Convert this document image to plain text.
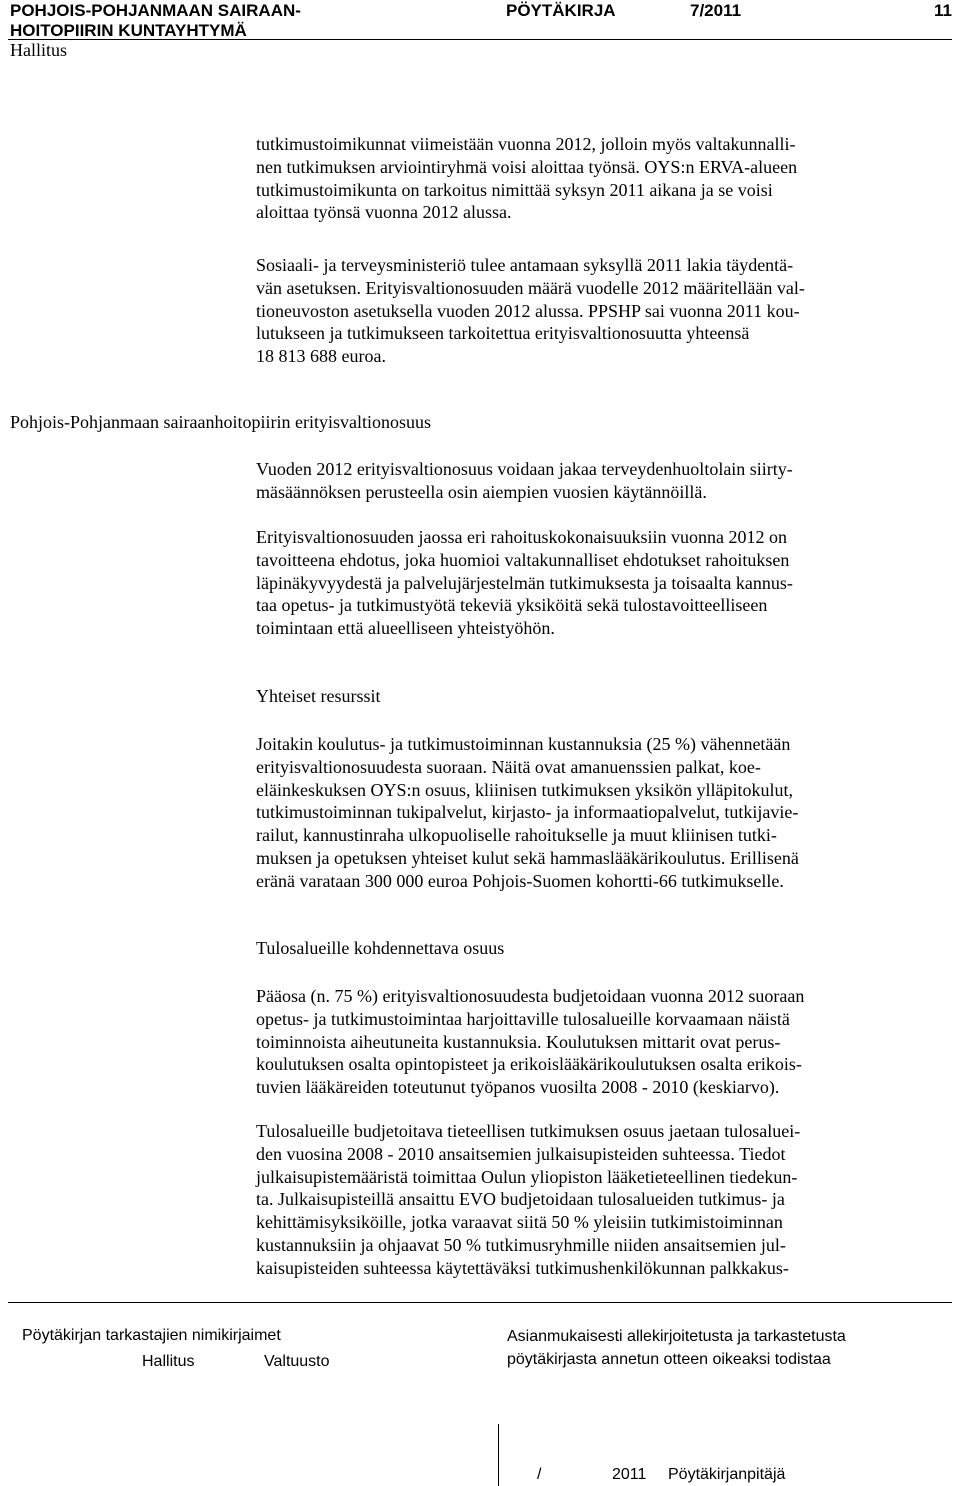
POHJOIS-POHJANMAAN SAIRAAN-
HOITOPIIRIN KUNTAYHTYMÄ
PÖYTÄKIRJA	7/2011	11
Hallitus

tutkimustoimikunnat viimeistään vuonna 2012, jolloin myös valtakunnalli-
nen tutkimuksen arviointiryhmä voisi aloittaa työnsä. OYS:n ERVA-alueen
tutkimustoimikunta on tarkoitus nimittää syksyn 2011 aikana ja se voisi
aloittaa työnsä vuonna 2012 alussa.

Sosiaali- ja terveysministeriö tulee antamaan syksyllä 2011 lakia täydentä-
vän asetuksen. Erityisvaltionosuuden määrä vuodelle 2012 määritellään val-
tioneuvoston asetuksella vuoden 2012 alussa. PPSHP sai vuonna 2011 kou-
lutukseen ja tutkimukseen tarkoitettua erityisvaltionosuutta yhteensä
18 813 688 euroa.

Pohjois-Pohjanmaan sairaanhoitopiirin erityisvaltionosuus

Vuoden 2012 erityisvaltionosuus voidaan jakaa terveydenhuoltolain siirty-
mäsäännöksen perusteella osin aiempien vuosien käytännöillä.

Erityisvaltionosuuden jaossa eri rahoituskokonaisuuksiin vuonna 2012 on
tavoitteena ehdotus, joka huomioi valtakunnalliset ehdotukset rahoituksen
läpinäkyvyydestä ja palvelujärjestelmän tutkimuksesta ja toisaalta kannus-
taa opetus- ja tutkimustyötä tekeviä yksiköitä sekä tulostavoitteelliseen
toimintaan että alueelliseen yhteistyöhön.

Yhteiset resurssit

Joitakin koulutus- ja tutkimustoiminnan kustannuksia (25 %) vähennetään
erityisvaltionosuudesta suoraan. Näitä ovat amanuenssien palkat, koe-
eläinkeskuksen OYS:n osuus, kliinisen tutkimuksen yksikön ylläpitokulut,
tutkimustoiminnan tukipalvelut, kirjasto- ja informaatiopalvelut, tutkijavie-
railut, kannustinraha ulkopuoliselle rahoitukselle ja muut kliinisen tutki-
muksen ja opetuksen yhteiset kulut sekä hammaslääkärikoulutus. Erillisenä
eränä varataan 300 000 euroa Pohjois-Suomen kohortti-66 tutkimukselle.

Tulosalueille kohdennettava osuus

Pääosa (n. 75 %) erityisvaltionosuudesta budjetoidaan vuonna 2012 suoraan
opetus- ja tutkimustoimintaa harjoittaville tulosalueille korvaamaan näistä
toiminnoista aiheutuneita kustannuksia. Koulutuksen mittarit ovat perus-
koulutuksen osalta opintopisteet ja erikoislääkärikoulutuksen osalta erikois-
tuvien lääkäreiden toteutunut työpanos vuosilta 2008 - 2010 (keskiarvo).

Tulosalueille budjetoitava tieteellisen tutkimuksen osuus jaetaan tulosaluei-
den vuosina 2008 - 2010 ansaitsemien julkaisupisteiden suhteessa. Tiedot
julkaisupistemääristä toimittaa Oulun yliopiston lääketieteellinen tiedekun-
ta. Julkaisupisteillä ansaittu EVO budjetoidaan tulosalueiden tutkimus- ja
kehittämisyksiköille, jotka varaavat siitä 50 % yleisiin tutkimistoiminnan
kustannuksiin ja ohjaavat 50 % tutkimusryhmille niiden ansaitsemien jul-
kaisupisteiden suhteessa käytettäväksi tutkimushenkilökunnan palkkakus-

Pöytäkirjan tarkastajien nimikirjaimet
Hallitus	Valtuusto
Asianmukaisesti allekirjoitetusta ja tarkastetusta
pöytäkirjasta annetun otteen oikeaksi todistaa
/	2011 Pöytäkirjanpitäjä
